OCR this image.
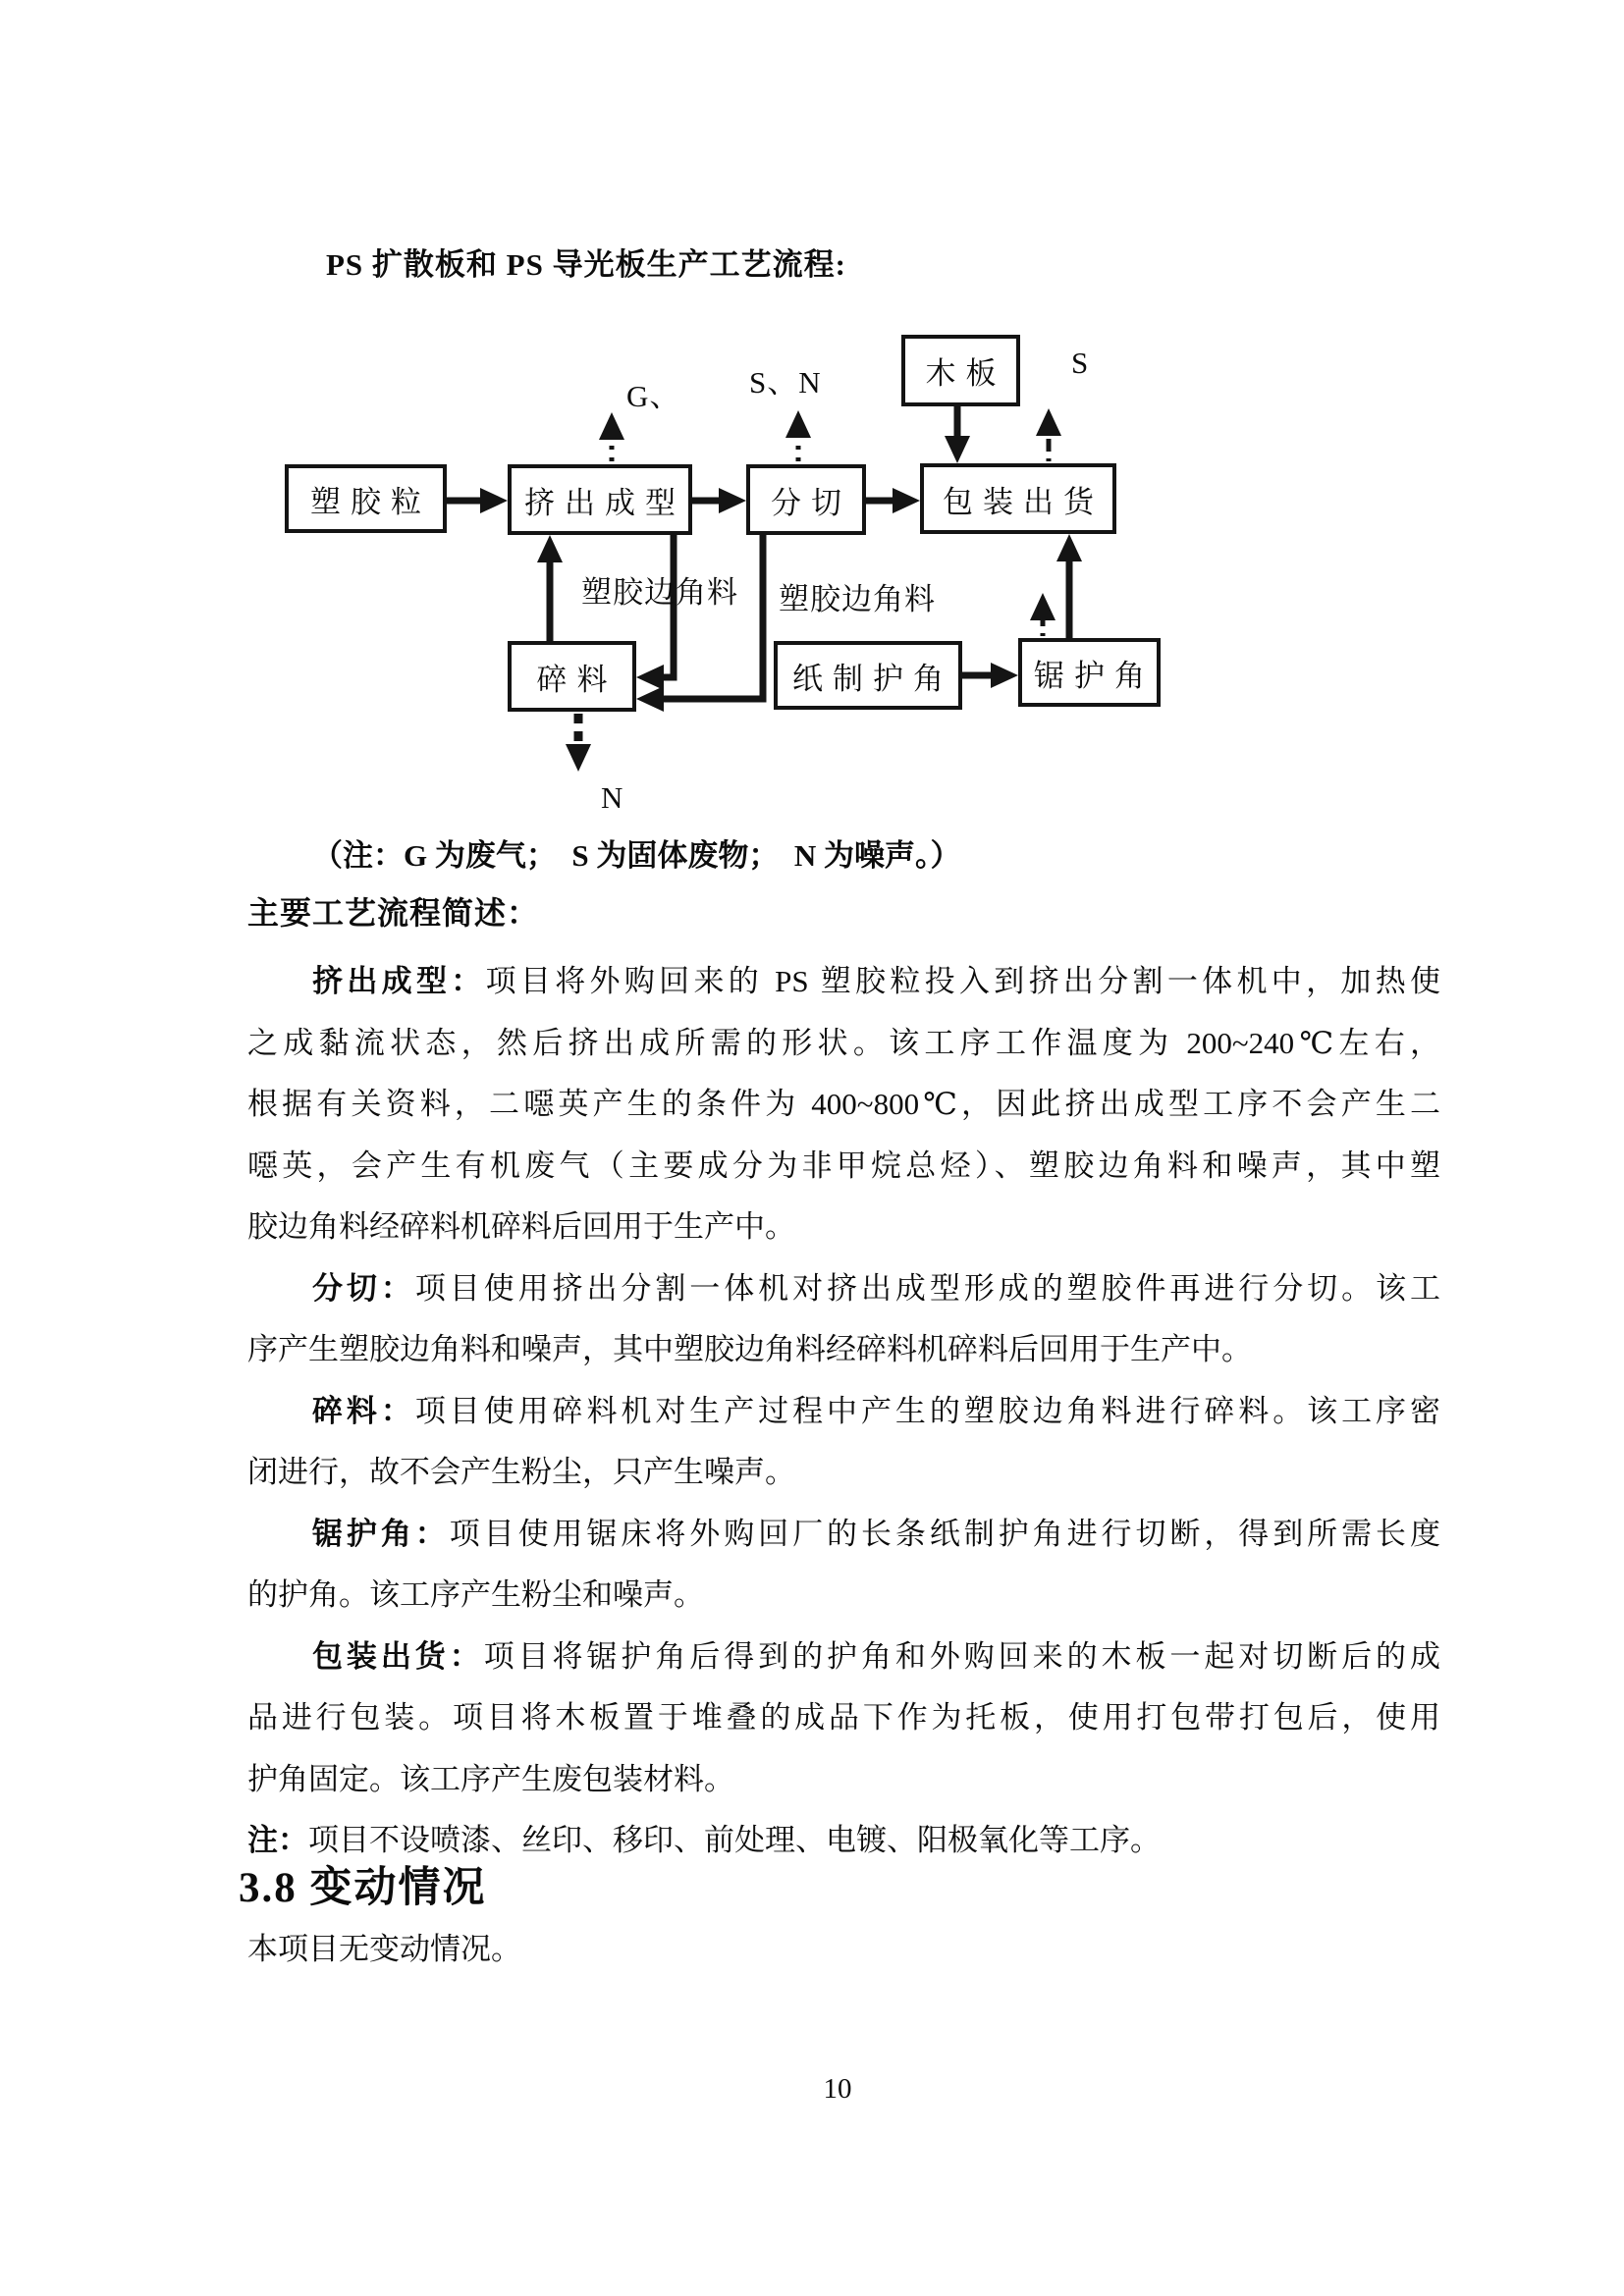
PS 扩散板和 PS 导光板生产工艺流程:
塑胶粒	挤出成型	分切	包装出货
木板
碎料	纸制护角	锯护角
G、 S、N
S
塑胶边角料 塑胶边角料
N
（注：G 为废气；　S 为固体废物；　N 为噪声。）
主要工艺流程简述：
挤出成型：项目将外购回来的 PS 塑胶粒投入到挤出分割一体机中，加热使
之成黏流状态，然后挤出成所需的形状。该工序工作温度为 200~240℃左右，
根据有关资料，二噁英产生的条件为 400~800℃，因此挤出成型工序不会产生二
噁英，会产生有机废气（主要成分为非甲烷总烃）、塑胶边角料和噪声，其中塑
胶边角料经碎料机碎料后回用于生产中。
分切：项目使用挤出分割一体机对挤出成型形成的塑胶件再进行分切。该工
序产生塑胶边角料和噪声，其中塑胶边角料经碎料机碎料后回用于生产中。
碎料：项目使用碎料机对生产过程中产生的塑胶边角料进行碎料。该工序密
闭进行，故不会产生粉尘，只产生噪声。
锯护角：项目使用锯床将外购回厂的长条纸制护角进行切断，得到所需长度
的护角。该工序产生粉尘和噪声。
包装出货：项目将锯护角后得到的护角和外购回来的木板一起对切断后的成
品进行包装。项目将木板置于堆叠的成品下作为托板，使用打包带打包后，使用
护角固定。该工序产生废包装材料。
注：项目不设喷漆、丝印、移印、前处理、电镀、阳极氧化等工序。
3.8 变动情况
本项目无变动情况。
10
